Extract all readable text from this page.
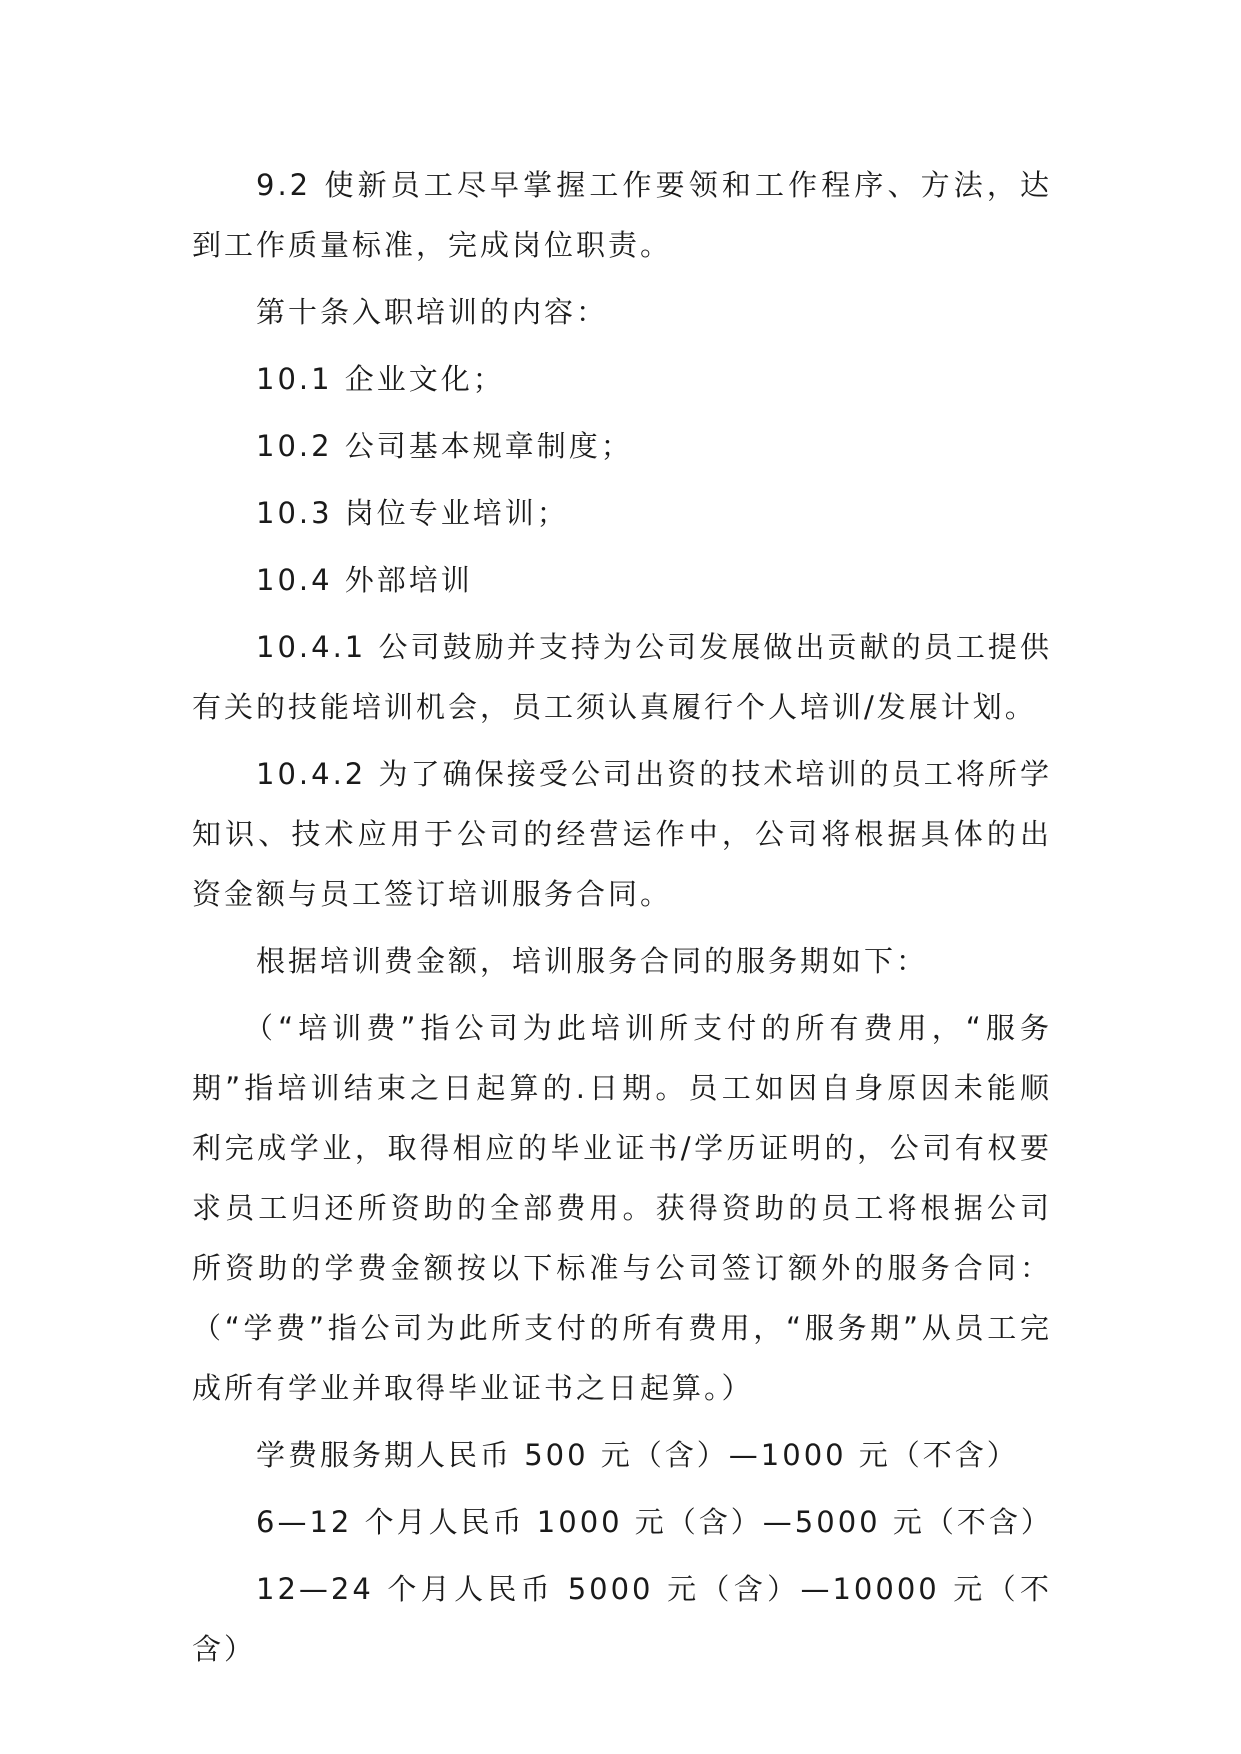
9.2 使新员工尽早掌握工作要领和工作程序、方法，达到工作质量标准，完成岗位职责。

第十条入职培训的内容：

10.1 企业文化；

10.2 公司基本规章制度；

10.3 岗位专业培训；

10.4 外部培训

10.4.1 公司鼓励并支持为公司发展做出贡献的员工提供有关的技能培训机会，员工须认真履行个人培训/发展计划。

10.4.2 为了确保接受公司出资的技术培训的员工将所学知识、技术应用于公司的经营运作中，公司将根据具体的出资金额与员工签订培训服务合同。

根据培训费金额，培训服务合同的服务期如下：

（“培训费”指公司为此培训所支付的所有费用，“服务期”指培训结束之日起算的.日期。员工如因自身原因未能顺利完成学业，取得相应的毕业证书/学历证明的，公司有权要求员工归还所资助的全部费用。获得资助的员工将根据公司所资助的学费金额按以下标准与公司签订额外的服务合同：（“学费”指公司为此所支付的所有费用，“服务期”从员工完成所有学业并取得毕业证书之日起算。）

学费服务期人民币 500 元（含）—1000 元（不含）

6—12 个月人民币 1000 元（含）—5000 元（不含）

12—24 个月人民币 5000 元（含）—10000 元（不含）
